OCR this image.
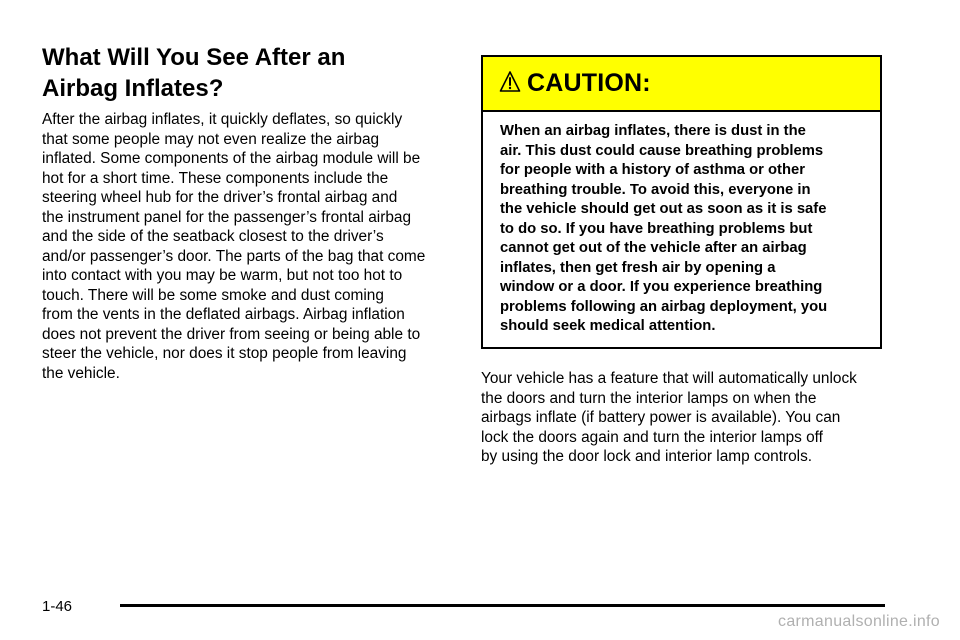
What Will You See After an
Airbag Inflates?

After the airbag inflates, it quickly deflates, so quickly
that some people may not even realize the airbag
inflated. Some components of the airbag module will be
hot for a short time. These components include the
steering wheel hub for the driver’s frontal airbag and
the instrument panel for the passenger’s frontal airbag
and the side of the seatback closest to the driver’s
and/or passenger’s door. The parts of the bag that come
into contact with you may be warm, but not too hot to
touch. There will be some smoke and dust coming
from the vents in the deflated airbags. Airbag inflation
does not prevent the driver from seeing or being able to
steer the vehicle, nor does it stop people from leaving
the vehicle.

CAUTION:

When an airbag inflates, there is dust in the
air. This dust could cause breathing problems
for people with a history of asthma or other
breathing trouble. To avoid this, everyone in
the vehicle should get out as soon as it is safe
to do so. If you have breathing problems but
cannot get out of the vehicle after an airbag
inflates, then get fresh air by opening a
window or a door. If you experience breathing
problems following an airbag deployment, you
should seek medical attention.

Your vehicle has a feature that will automatically unlock
the doors and turn the interior lamps on when the
airbags inflate (if battery power is available). You can
lock the doors again and turn the interior lamps off
by using the door lock and interior lamp controls.

1-46
carmanualsonline.info
